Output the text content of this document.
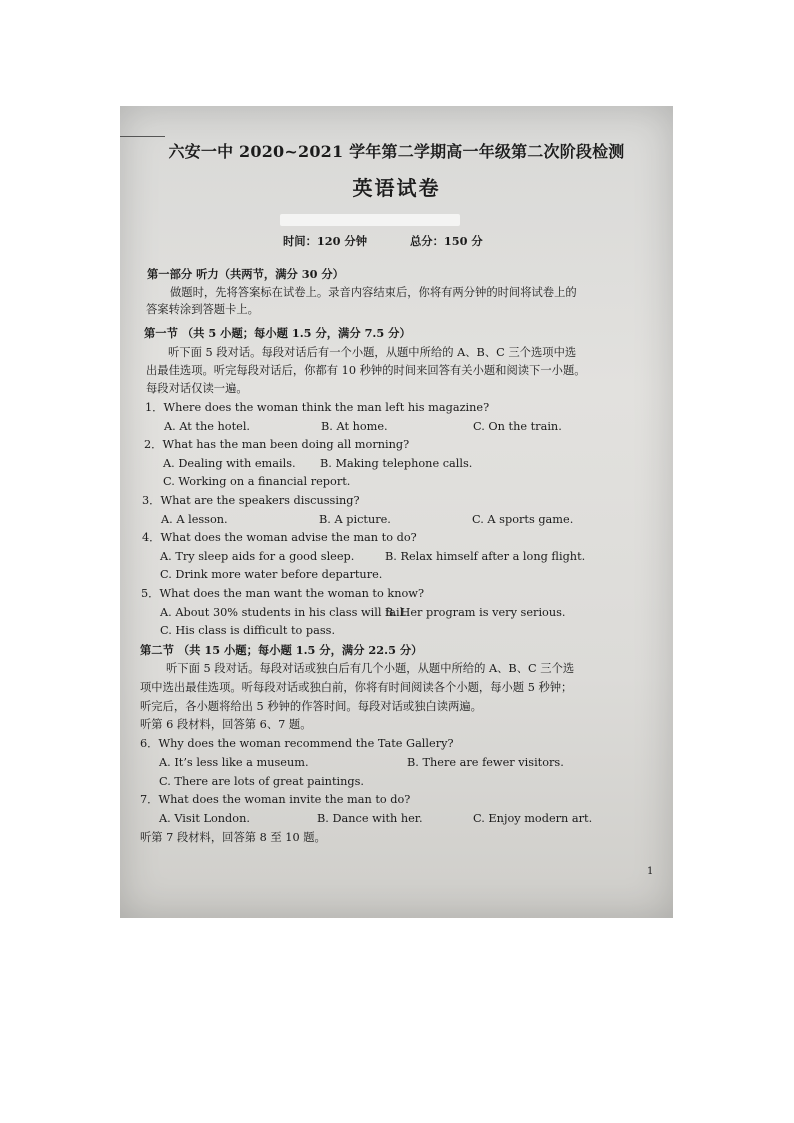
六安一中 2020~2021 学年第二学期高一年级第二次阶段检测
英语试卷
时间：120 分钟	总分：150 分
第一部分 听力（共两节，满分 30 分）
做题时，先将答案标在试卷上。录音内容结束后，你将有两分钟的时间将试卷上的
答案转涂到答题卡上。
第一节 （共 5 小题；每小题 1.5 分，满分 7.5 分）
听下面 5 段对话。每段对话后有一个小题，从题中所给的 A、B、C 三个选项中选
出最佳选项。听完每段对话后，你都有 10 秒钟的时间来回答有关小题和阅读下一小题。
每段对话仅读一遍。
1．Where does the woman think the man left his magazine?
A. At the hotel.	B. At home.	C. On the train.
2．What has the man been doing all morning?
A. Dealing with emails. B. Making telephone calls.
C. Working on a financial report.
3．What are the speakers discussing?
A. A lesson.	B. A picture.	C. A sports game.
4．What does the woman advise the man to do?
A. Try sleep aids for a good sleep.	B. Relax himself after a long flight.
C. Drink more water before departure.
5．What does the man want the woman to know?
A. About 30% students in his class will fail.
B. Her program is very serious.
C. His class is difficult to pass.
第二节 （共 15 小题；每小题 1.5 分，满分 22.5 分）
听下面 5 段对话。每段对话或独白后有几个小题，从题中所给的 A、B、C 三个选
项中选出最佳选项。听每段对话或独白前，你将有时间阅读各个小题，每小题 5 秒钟；
听完后，各小题将给出 5 秒钟的作答时间。每段对话或独白读两遍。
听第 6 段材料，回答第 6、7 题。
6．Why does the woman recommend the Tate Gallery?
A. It’s less like a museum.	B. There are fewer visitors.
C. There are lots of great paintings.
7．What does the woman invite the man to do?
A. Visit London.	B. Dance with her.	C. Enjoy modern art.
听第 7 段材料，回答第 8 至 10 题。
1
